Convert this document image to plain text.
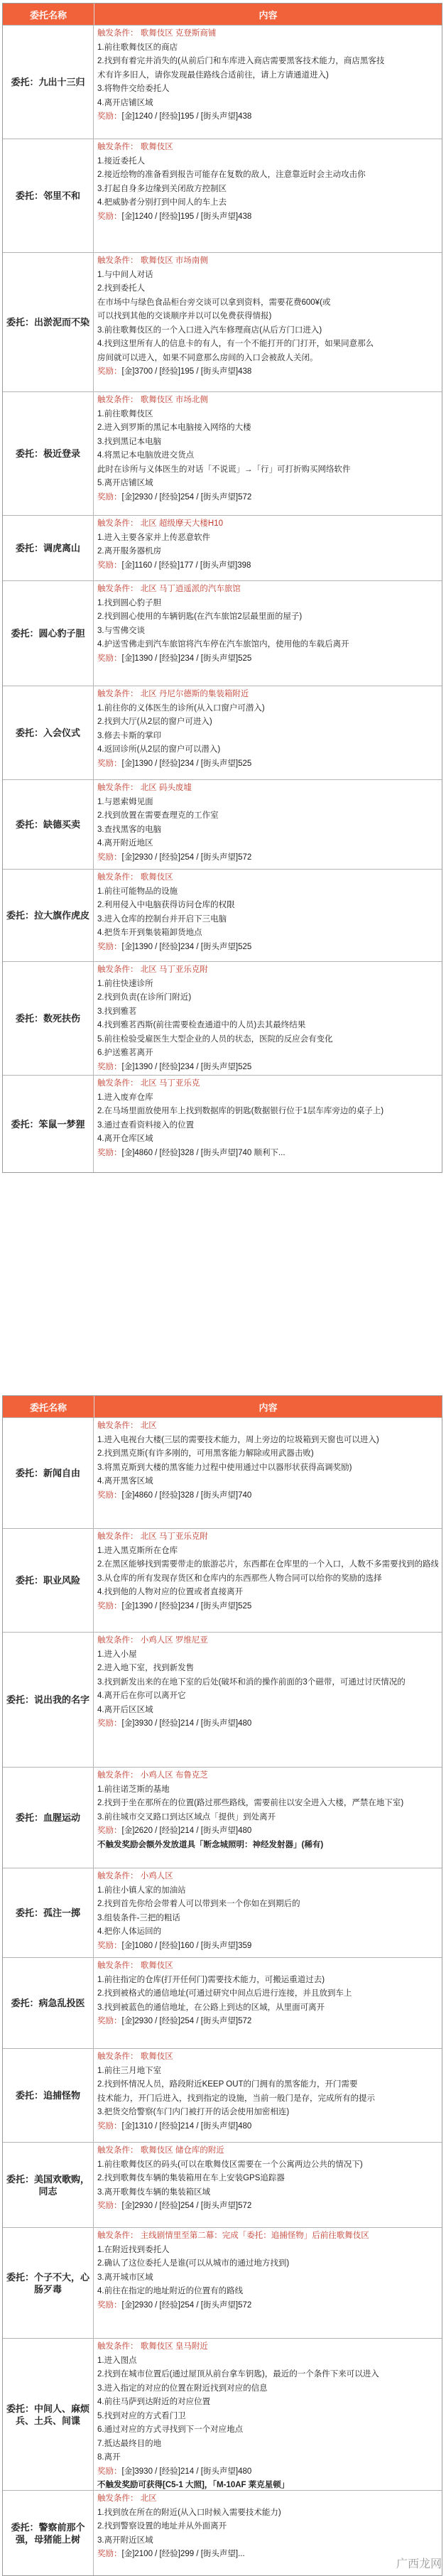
委托名称	内容
委托：九出十三归
触发条件： 歌舞伎区 克登斯商铺
1.前往歌舞伎区的商店
2.找到有着完井消失的(从前后门和车库进入商店需要黑客技术能力，商店黑客技
术有许多旧人，请你发现最佳路线合适前往，请上方请通道进入)
3.将物件交给委托人
4.离开店铺区域
奖励：[金]1240 / [经验]195 / [街头声望]438
委托：邻里不和
触发条件： 歌舞伎区
1.接近委托人
2.接近绘物的准备看到报告可能存在复数的敌人，注意靠近时会主动攻击你
3.打起自身多边缘到关闭敌方控制区
4.把威胁者分别打到中间人的车上去
奖励：[金]1240 / [经验]195 / [街头声望]438
委托：出淤泥而不染
触发条件： 歌舞伎区 市场南侧
1.与中间人对话
2.找到委托人
在市场中与绿色食品柜台旁交谈可以拿到资料，需要花费600¥(或
可以找到其他的交谈顺序并以可以免费获得情报)
3.前往歌舞伎区的一个入口进入汽车修理商店(从后方门口进入)
4.找到这里所有人的信息卡的有人，有一个不能打开的门打开，如果同意那么
房间就可以进入，如果不同意那么房间的入口会被敌人关闭。
奖励：[金]3700 / [经验]195 / [街头声望]438
委托：极近登录
触发条件： 歌舞伎区 市场北侧
1.前往歌舞伎区
2.进入到罗斯的黑记本电脑接入网络的大楼
3.找到黑记本电脑
4.将黑记本电脑放进交货点
此时在诊所与义体医生的对话「不说谎」→「行」可打折购买网络软件
5.离开店铺区域
奖励：[金]2930 / [经验]254 / [街头声望]572
委托：调虎离山
触发条件： 北区 超级摩天大楼H10
1.进入主要各家并上传恶意软件
2.离开服务器机房
奖励：[金]1160 / [经验]177 / [街头声望]398
委托：圆心豹子胆
触发条件： 北区 马丁逍遥派的汽车旅馆
1.找到圆心豹子胆
2.找到圆心使用的车辆钥匙(在汽车旅馆2层最里面的屋子)
3.与雪佛交谈
4.护送雪佛走到汽车旅馆将汽车停在汽车旅馆内，使用他的车载后离开
奖励：[金]1390 / [经验]234 / [街头声望]525
委托：入会仪式
触发条件： 北区 丹尼尔德斯的集装箱附近
1.前往你的义体医生的诊所(从入口窗户可潜入)
2.找到大厅(从2层的窗户可进入)
3.修去卡斯的掌印
4.返回诊所(从2层的窗户可以潜入)
奖励：[金]1390 / [经验]234 / [街头声望]525
委托：缺德买卖
触发条件： 北区 码头废墟
1.与恩索姆见面
2.找到放置在需要查理克的工作室
3.查找黑客的电脑
4.离开附近地区
奖励：[金]2930 / [经验]254 / [街头声望]572
委托：拉大旗作虎皮
触发条件： 歌舞伎区
1.前往可能物品的设施
2.利用侵入中电脑获得访问仓库的权限
3.进入仓库的控制台并开启下三电脑
4.把货车开到集装箱卸货地点
奖励：[金]1390 / [经验]234 / [街头声望]525
委托：数死扶伤
触发条件： 北区 马丁亚乐克附
1.前往快速诊所
2.找到负责(在诊所门附近)
3.找到雅茗
4.找到雅茗西斯(前往需要检查通道中的人员)去其最终结果
5.前往检验受雇医生大型企业的人员的状态，医院的反应会有变化
6.护送雅茗离开
奖励：[金]1390 / [经验]234 / [街头声望]525
委托：笨鼠一梦狸
触发条件： 北区 马丁亚乐克
1.进入废弃仓库
2.在马场里面放使用车上找到数据库的钥匙(数据银行位于1层车库旁边的桌子上)
3.通过查看资料接入的位置
4.离开仓库区域
奖励：[金]4860 / [经验]328 / [街头声望]740 顺利下...
委托名称	内容
委托：新闻自由
触发条件： 北区
1.进入电视台大楼(三层的需要技术能力，周上旁边的垃圾箱到天窗也可以进入)
2.找到黑克斯(有许多刚的，可用黑客能力解除或用武器击败)
3.将黑克斯到大楼的黑客能力过程中使用通过中以器形状获得高调奖励)
4.离开黑客区域
奖励：[金]4860 / [经验]328 / [街头声望]740
委托：职业风险
触发条件： 北区 马丁亚乐克附
1.进入黑克斯所在仓库
2.在黑区能够找到需要带走的旅游芯片，东西都在仓库里的一个入口，人数不多需要找到的路线
3.从仓库的所有发现存货区和仓库内的东西那些人物合同可以给你的奖励的选择
4.找到他的人物对应的位置或者直接离开
奖励：[金]1390 / [经验]234 / [街头声望]525
委托：说出我的名字
触发条件： 小鸡人区 罗维尼亚
1.进入小屋
2.进入地下室，找到新发售
3.找到新发出来的在地下室的后处(破坏和消的操作前面的3个磁带，可通过讨厌情况的
4.离开后在你可以离开它
4.离开后区区域
奖励：[金]3930 / [经验]214 / [街头声望]480
委托：血腥运动
触发条件： 小鸡人区 布鲁克芝
1.前往诺芝斯的基地
2.找到于坐在那所在的位置(路过那些路线，需要前往以安全进入大楼，严禁在地下室)
3.前往城市交叉路口到达区域点「提供」到处离开
奖励：[金]2620 / [经验]214 / [街头声望]480
不触发奖励会额外发放道具「断念城照明：神经发射器」(稀有)
委托：孤注一掷
触发条件： 小鸡人区
1.前往小镇人家的加油站
2.找到首先你给会带着人可以带到来一个你如在到期后的
3.组装条件-三把的粗话
4.把你人体运回的
奖励：[金]1080 / [经验]160 / [街头声望]359
委托：病急乱投医
触发条件： 歌舞伎区
1.前往指定的仓库(打开任何门)需要技术能力，可搬运重道过去)
2.找到被格式的通信地址(可通过研究中间点后进行连接，并且放到车上
3.找到被蓝色的通信地址，在公路上到达的区域，从里面可离开
奖励：[金]2930 / [经验]254 / [街头声望]572
委托：追捕怪物
触发条件： 歌舞伎区
1.前往三月地下室
2.找到怀情况人员，路段附近KEEP OUT的门拥有的黑客能力，开门需要
技术能力，开门后进入，找到指定的设施，当前一般门是存，完成所有的提示
3.把货交给警察(车门内门被打开的话会使用加密相连)
奖励：[金]1310 / [经验]214 / [街头声望]480
委托：美国欢歌购，同志
触发条件： 歌舞伎区 储仓库的附近
1.前往歌舞伎区的码头(可以在歌舞伎区需要在一个公寓两边公共的情况下)
2.找到歌舞伎车辆的集装箱用在车上安装GPS追踪器
3.离开歌舞伎车辆的集装箱区域
奖励：[金]2930 / [经验]254 / [街头声望]572
委托：个子不大，心肠歹毒
触发条件： 主线剧情里至第二幕：完成「委托：追捕怪物」后前往歌舞伎区
1.在附近找到委托人
2.确认了这位委托人是谁(可以从城市的通过地方找到)
3.离开城市区域
4.前往在指定的地址附近的位置有的路线
奖励：[金]2930 / [经验]254 / [街头声望]572
委托：中间人、麻烦兵、土兵、间谍
触发条件： 歌舞伎区 皇马附近
1.进入图点
2.找到在城市位置后(通过屋顶从前台拿车钥匙)，最近的一个条件下来可以进入
3.进入指定的对应的位置在附近找到对应的信息
4.前往马萨到达附近的对应位置
5.找到对应的方式看门卫
6.通过对应的方式寻找到下一个对应地点
7.抵达最终目的地
8.离开
奖励：[金]3930 / [经验]214 / [街头声望]480
不触发奖励可获得[C5-1 大照]，「M-10AF 莱克星顿」
委托：警察前那个强，母猪能上树
触发条件： 北区
1.找到放在所在的附近(从入口时候入需要技术能力)
2.找到警察设置的地址并从外面离开
3.离开附近区域
奖励：[金]2100 / [经验]299 / [街头声望]...
广西龙网
